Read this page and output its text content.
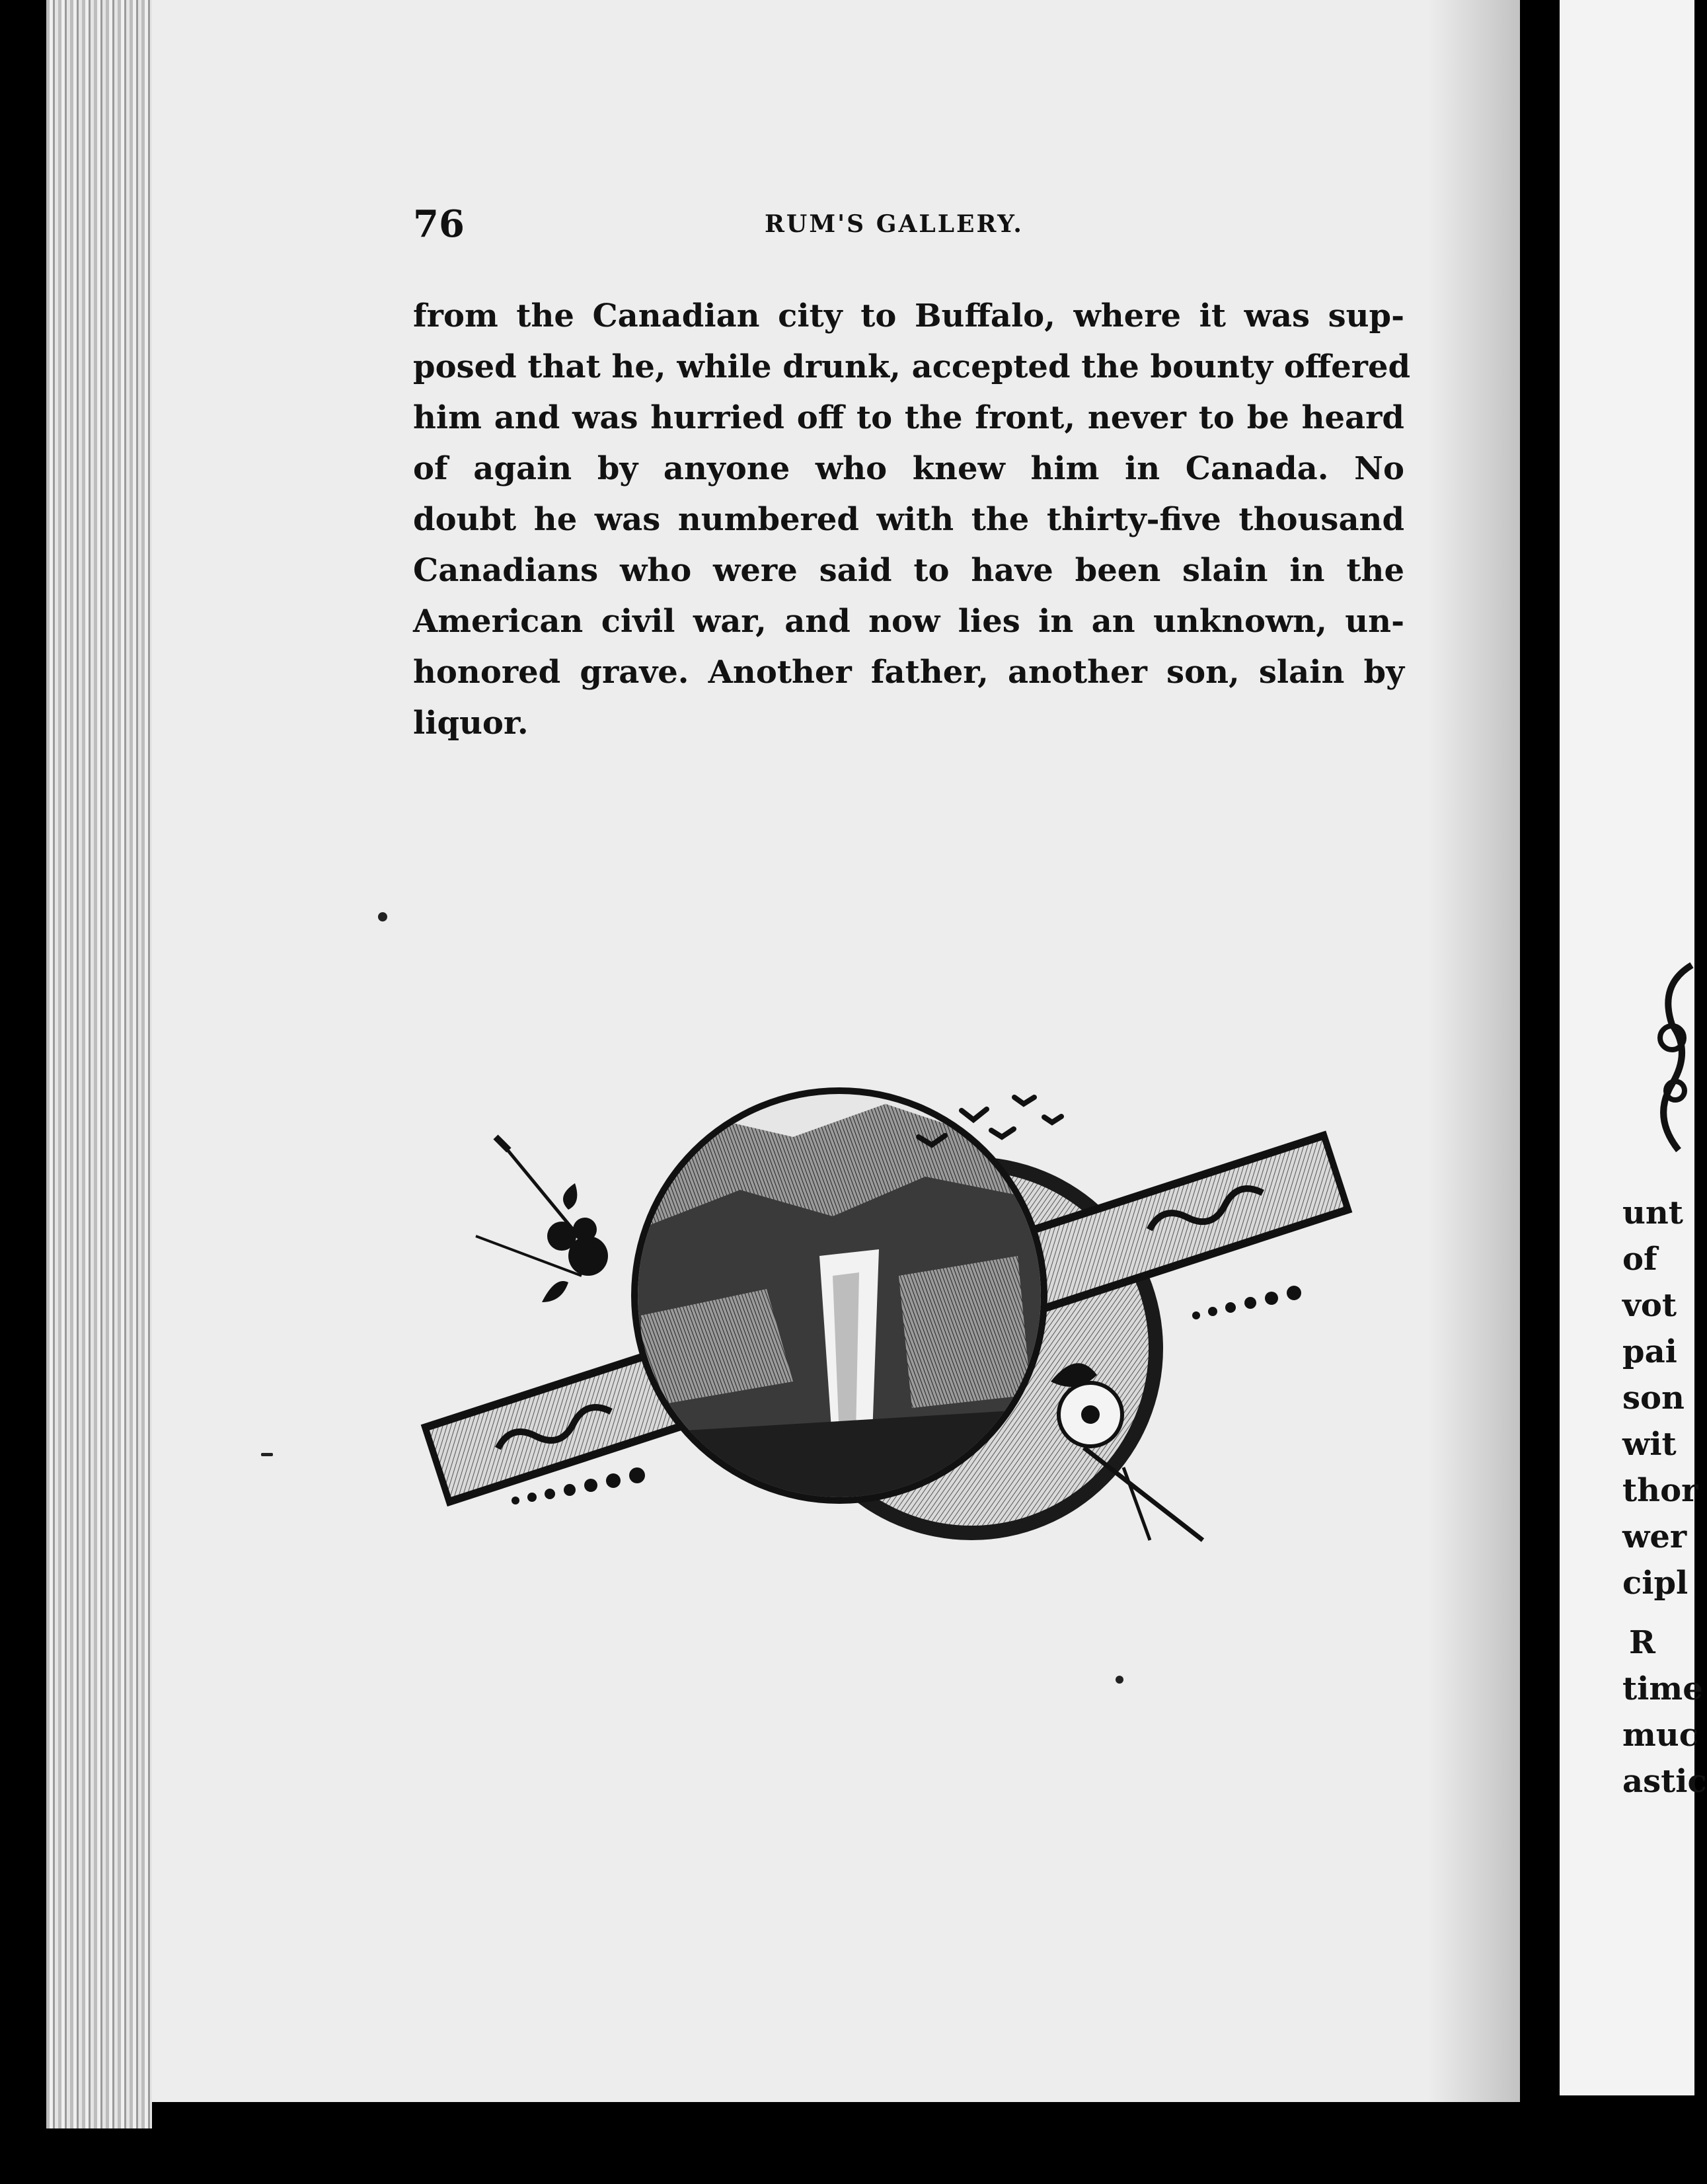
76	RUM'S GALLERY.
from the Canadian city to Buffalo, where it was sup-
posed that he, while drunk, accepted the bounty offered
him and was hurried off to the front, never to be heard
of again by anyone who knew him in Canada. No
doubt he was numbered with the thirty-five thousand
Canadians who were said to have been slain in the
American civil war, and now lies in an unknown, un-
honored grave. Another father, another son, slain by
liquor.
unt
of
vot
pai
son
wit
thor
wer
cipl
R
time
muc
astic
